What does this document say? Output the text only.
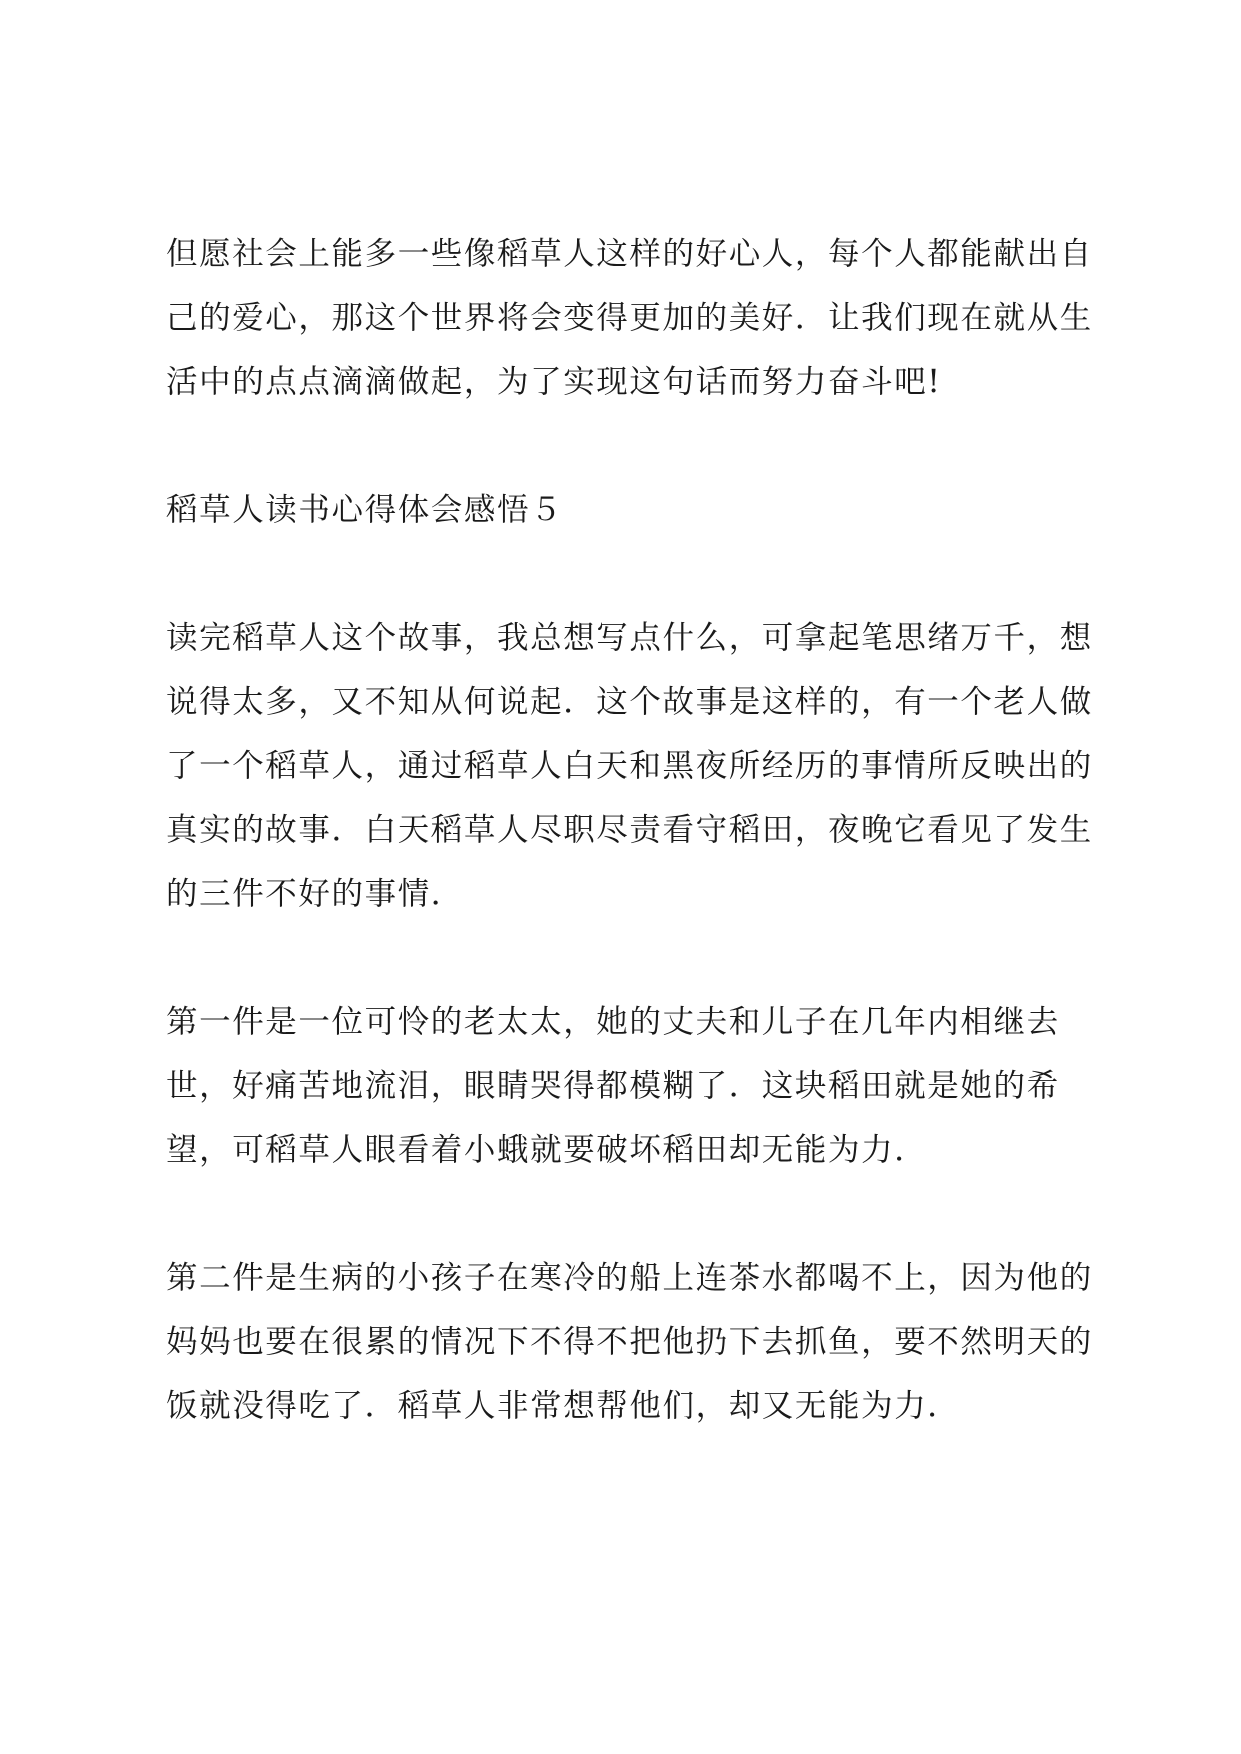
但愿社会上能多一些像稻草人这样的好心人，每个人都能献出自
己的爱心，那这个世界将会变得更加的美好．让我们现在就从生
活中的点点滴滴做起，为了实现这句话而努力奋斗吧!

稻草人读书心得体会感悟５

读完稻草人这个故事，我总想写点什么，可拿起笔思绪万千，想
说得太多，又不知从何说起．这个故事是这样的，有一个老人做
了一个稻草人，通过稻草人白天和黑夜所经历的事情所反映出的
真实的故事．白天稻草人尽职尽责看守稻田，夜晚它看见了发生
的三件不好的事情．

第一件是一位可怜的老太太，她的丈夫和儿子在几年内相继去
世，好痛苦地流泪，眼睛哭得都模糊了．这块稻田就是她的希
望，可稻草人眼看着小蛾就要破坏稻田却无能为力．

第二件是生病的小孩子在寒冷的船上连茶水都喝不上，因为他的
妈妈也要在很累的情况下不得不把他扔下去抓鱼，要不然明天的
饭就没得吃了．稻草人非常想帮他们，却又无能为力．
